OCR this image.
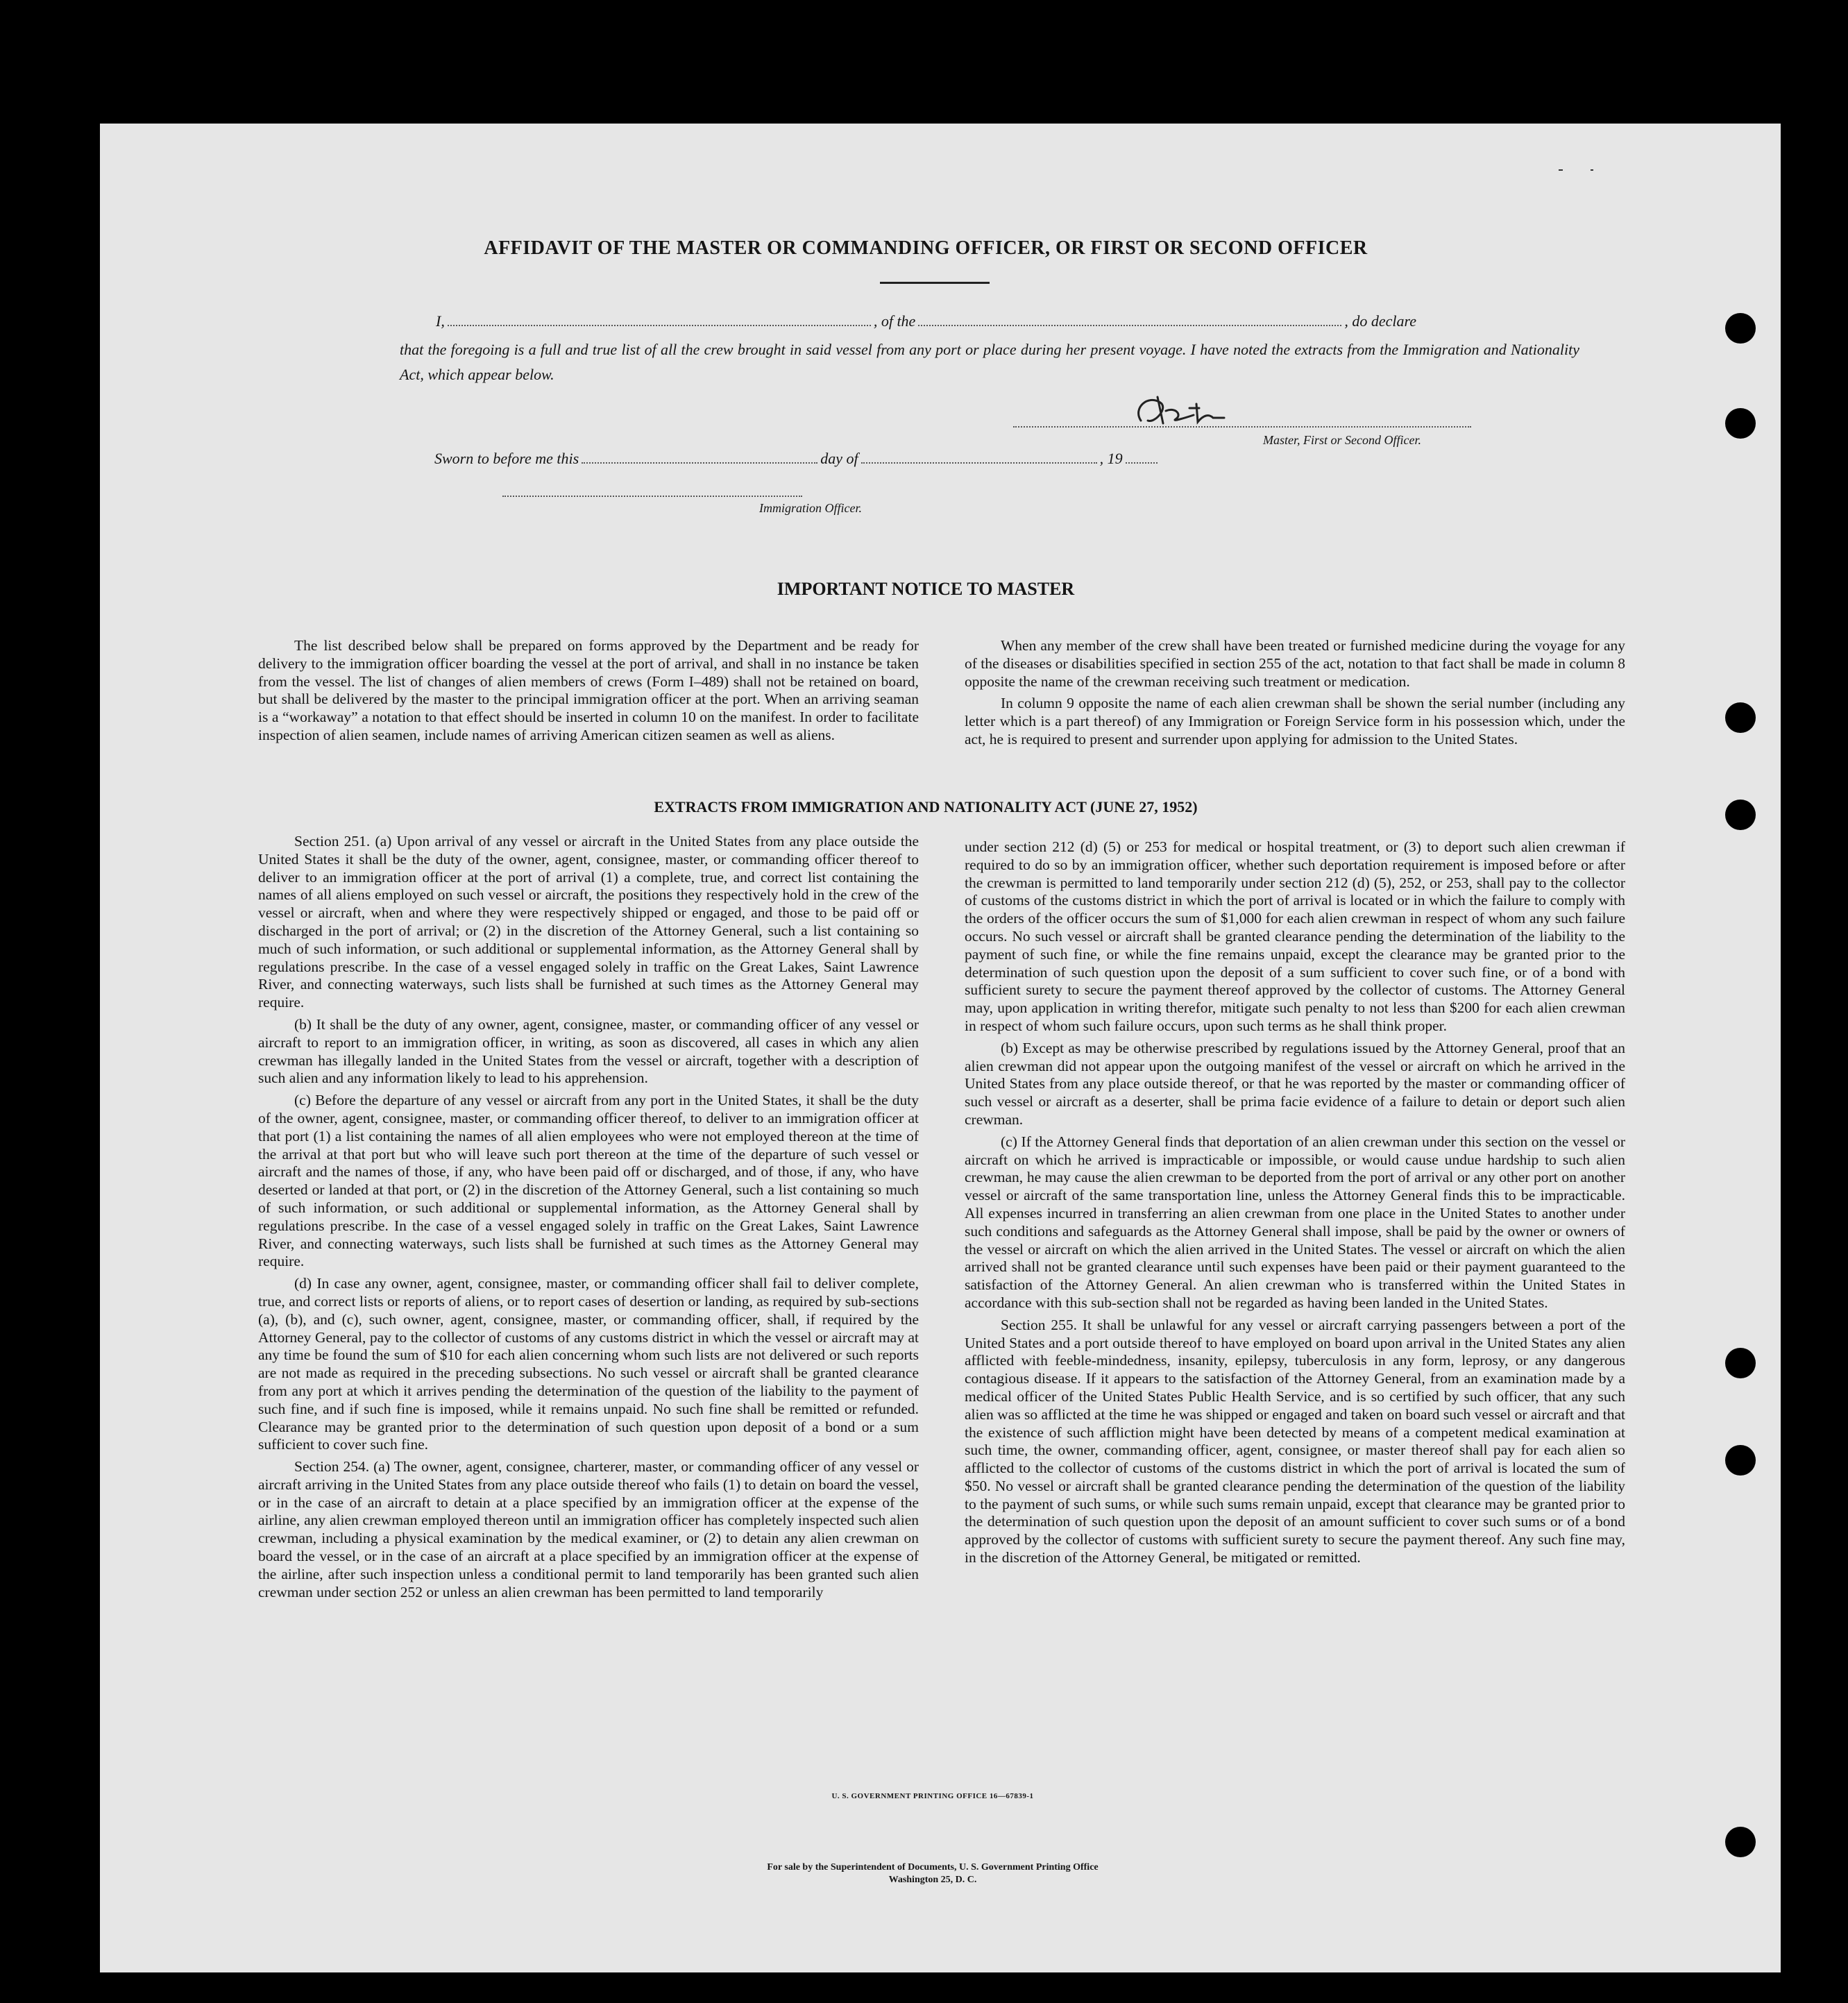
AFFIDAVIT OF THE MASTER OR COMMANDING OFFICER, OR FIRST OR SECOND OFFICER
I,	, of the	, do declare
that the foregoing is a full and true list of all the crew brought in said vessel from any port or place during her present voyage. I have noted the extracts from the Immigration and Nationality Act, which appear below.
Master, First or Second Officer.
Sworn to before me this	day of	, 19
Immigration Officer.
IMPORTANT NOTICE TO MASTER

The list described below shall be prepared on forms approved by the Department and be ready for delivery to the immigration officer boarding the vessel at the port of arrival, and shall in no instance be taken from the vessel. The list of changes of alien members of crews (Form I–489) shall not be retained on board, but shall be delivered by the master to the principal immigration officer at the port. When an arriving seaman is a “workaway” a notation to that effect should be inserted in column 10 on the manifest. In order to facilitate inspection of alien seamen, include names of arriving American citizen seamen as well as aliens.

When any member of the crew shall have been treated or furnished medicine during the voyage for any of the diseases or disabilities specified in section 255 of the act, notation to that fact shall be made in column 8 opposite the name of the crewman receiving such treatment or medication.

In column 9 opposite the name of each alien crewman shall be shown the serial number (including any letter which is a part thereof) of any Immigration or Foreign Service form in his possession which, under the act, he is required to present and surrender upon applying for admission to the United States.

EXTRACTS FROM IMMIGRATION AND NATIONALITY ACT (JUNE 27, 1952)

Section 251. (a) Upon arrival of any vessel or aircraft in the United States from any place outside the United States it shall be the duty of the owner, agent, consignee, master, or commanding officer thereof to deliver to an immigration officer at the port of arrival (1) a complete, true, and correct list containing the names of all aliens employed on such vessel or aircraft, the positions they respectively hold in the crew of the vessel or aircraft, when and where they were respectively shipped or engaged, and those to be paid off or discharged in the port of arrival; or (2) in the discretion of the Attorney General, such a list containing so much of such information, or such additional or supplemental information, as the Attorney General shall by regulations prescribe. In the case of a vessel engaged solely in traffic on the Great Lakes, Saint Lawrence River, and connecting waterways, such lists shall be furnished at such times as the Attorney General may require.

(b) It shall be the duty of any owner, agent, consignee, master, or commanding officer of any vessel or aircraft to report to an immigration officer, in writing, as soon as discovered, all cases in which any alien crewman has illegally landed in the United States from the vessel or aircraft, together with a description of such alien and any information likely to lead to his apprehension.

(c) Before the departure of any vessel or aircraft from any port in the United States, it shall be the duty of the owner, agent, consignee, master, or commanding officer thereof, to deliver to an immigration officer at that port (1) a list containing the names of all alien employees who were not employed thereon at the time of the arrival at that port but who will leave such port thereon at the time of the departure of such vessel or aircraft and the names of those, if any, who have been paid off or discharged, and of those, if any, who have deserted or landed at that port, or (2) in the discretion of the Attorney General, such a list containing so much of such information, or such additional or supplemental information, as the Attorney General shall by regulations prescribe. In the case of a vessel engaged solely in traffic on the Great Lakes, Saint Lawrence River, and connecting waterways, such lists shall be furnished at such times as the Attorney General may require.

(d) In case any owner, agent, consignee, master, or commanding officer shall fail to deliver complete, true, and correct lists or reports of aliens, or to report cases of desertion or landing, as required by sub-sections (a), (b), and (c), such owner, agent, consignee, master, or commanding officer, shall, if required by the Attorney General, pay to the collector of customs of any customs district in which the vessel or aircraft may at any time be found the sum of $10 for each alien concerning whom such lists are not delivered or such reports are not made as required in the preceding subsections. No such vessel or aircraft shall be granted clearance from any port at which it arrives pending the determination of the question of the liability to the payment of such fine, and if such fine is imposed, while it remains unpaid. No such fine shall be remitted or refunded. Clearance may be granted prior to the determination of such question upon deposit of a bond or a sum sufficient to cover such fine.

Section 254. (a) The owner, agent, consignee, charterer, master, or commanding officer of any vessel or aircraft arriving in the United States from any place outside thereof who fails (1) to detain on board the vessel, or in the case of an aircraft to detain at a place specified by an immigration officer at the expense of the airline, any alien crewman employed thereon until an immigration officer has completely inspected such alien crewman, including a physical examination by the medical examiner, or (2) to detain any alien crewman on board the vessel, or in the case of an aircraft at a place specified by an immigration officer at the expense of the airline, after such inspection unless a conditional permit to land temporarily has been granted such alien crewman under section 252 or unless an alien crewman has been permitted to land temporarily

under section 212 (d) (5) or 253 for medical or hospital treatment, or (3) to deport such alien crewman if required to do so by an immigration officer, whether such deportation requirement is imposed before or after the crewman is permitted to land temporarily under section 212 (d) (5), 252, or 253, shall pay to the collector of customs of the customs district in which the port of arrival is located or in which the failure to comply with the orders of the officer occurs the sum of $1,000 for each alien crewman in respect of whom any such failure occurs. No such vessel or aircraft shall be granted clearance pending the determination of the liability to the payment of such fine, or while the fine remains unpaid, except the clearance may be granted prior to the determination of such question upon the deposit of a sum sufficient to cover such fine, or of a bond with sufficient surety to secure the payment thereof approved by the collector of customs. The Attorney General may, upon application in writing therefor, mitigate such penalty to not less than $200 for each alien crewman in respect of whom such failure occurs, upon such terms as he shall think proper.

(b) Except as may be otherwise prescribed by regulations issued by the Attorney General, proof that an alien crewman did not appear upon the outgoing manifest of the vessel or aircraft on which he arrived in the United States from any place outside thereof, or that he was reported by the master or commanding officer of such vessel or aircraft as a deserter, shall be prima facie evidence of a failure to detain or deport such alien crewman.

(c) If the Attorney General finds that deportation of an alien crewman under this section on the vessel or aircraft on which he arrived is impracticable or impossible, or would cause undue hardship to such alien crewman, he may cause the alien crewman to be deported from the port of arrival or any other port on another vessel or aircraft of the same transportation line, unless the Attorney General finds this to be impracticable. All expenses incurred in transferring an alien crewman from one place in the United States to another under such conditions and safeguards as the Attorney General shall impose, shall be paid by the owner or owners of the vessel or aircraft on which the alien arrived in the United States. The vessel or aircraft on which the alien arrived shall not be granted clearance until such expenses have been paid or their payment guaranteed to the satisfaction of the Attorney General. An alien crewman who is transferred within the United States in accordance with this sub-section shall not be regarded as having been landed in the United States.

Section 255. It shall be unlawful for any vessel or aircraft carrying passengers between a port of the United States and a port outside thereof to have employed on board upon arrival in the United States any alien afflicted with feeble-mindedness, insanity, epilepsy, tuberculosis in any form, leprosy, or any dangerous contagious disease. If it appears to the satisfaction of the Attorney General, from an examination made by a medical officer of the United States Public Health Service, and is so certified by such officer, that any such alien was so afflicted at the time he was shipped or engaged and taken on board such vessel or aircraft and that the existence of such affliction might have been detected by means of a competent medical examination at such time, the owner, commanding officer, agent, consignee, or master thereof shall pay for each alien so afflicted to the collector of customs of the customs district in which the port of arrival is located the sum of $50. No vessel or aircraft shall be granted clearance pending the determination of the question of the liability to the payment of such sums, or while such sums remain unpaid, except that clearance may be granted prior to the determination of such question upon the deposit of an amount sufficient to cover such sums or of a bond approved by the collector of customs with sufficient surety to secure the payment thereof. Any such fine may, in the discretion of the Attorney General, be mitigated or remitted.

U. S. GOVERNMENT PRINTING OFFICE 16—67839-1
For sale by the Superintendent of Documents, U. S. Government Printing Office
Washington 25, D. C.
